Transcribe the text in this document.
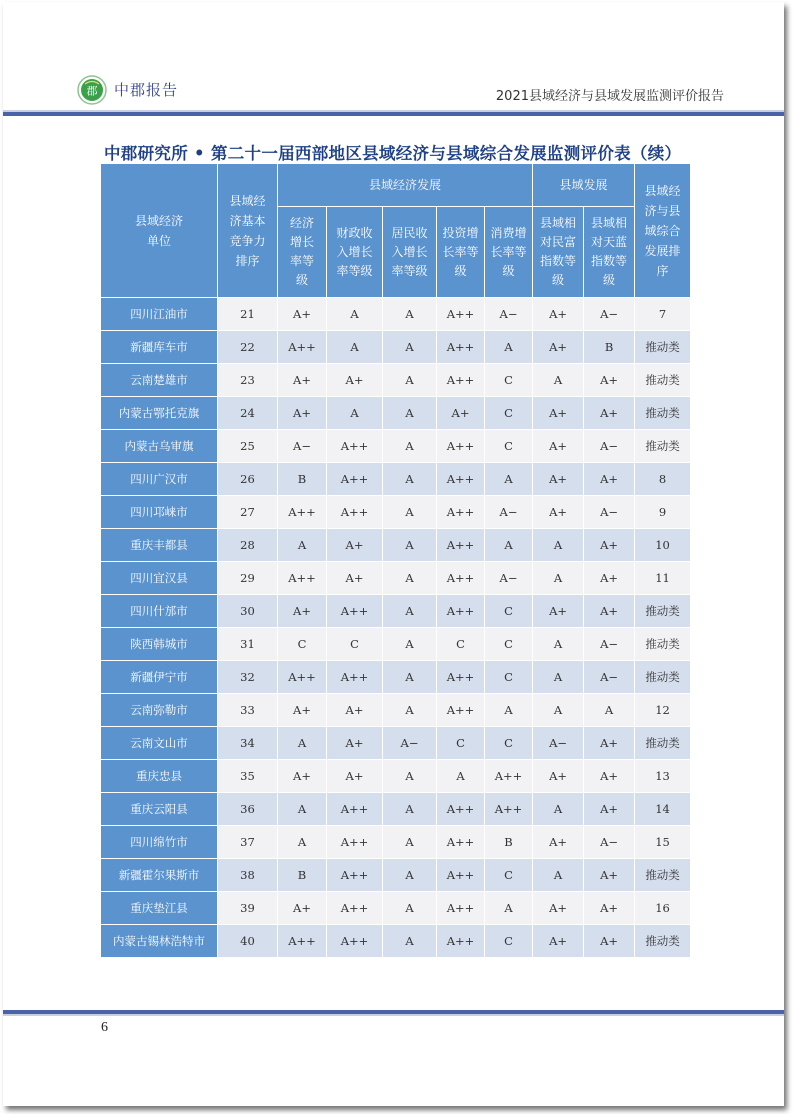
郡 中郡报告	2021县域经济与县域发展监测评价报告
中郡研究所 • 第二十一届西部地区县域经济与县域综合发展监测评价表（续）
县域经济单位	县域经济基本竞争力排序	县域经济发展					县域发展		县域经济与县域综合发展排序
		经济增长率等级	财政收入增长率等级	居民收入增长率等级	投资增长率等级	消费增长率等级	县域相对民富指数等级	县域相对天蓝指数等级	
四川江油市	21	A+	A	A	A++	A−	A+	A−	7
新疆库车市	22	A++	A	A	A++	A	A+	B	推动类
云南楚雄市	23	A+	A+	A	A++	C	A	A+	推动类
内蒙古鄂托克旗	24	A+	A	A	A+	C	A+	A+	推动类
内蒙古乌审旗	25	A−	A++	A	A++	C	A+	A−	推动类
四川广汉市	26	B	A++	A	A++	A	A+	A+	8
四川邛崃市	27	A++	A++	A	A++	A−	A+	A−	9
重庆丰都县	28	A	A+	A	A++	A	A	A+	10
四川宜汉县	29	A++	A+	A	A++	A−	A	A+	11
四川什邡市	30	A+	A++	A	A++	C	A+	A+	推动类
陕西韩城市	31	C	C	A	C	C	A	A−	推动类
新疆伊宁市	32	A++	A++	A	A++	C	A	A−	推动类
云南弥勒市	33	A+	A+	A	A++	A	A	A	12
云南文山市	34	A	A+	A−	C	C	A−	A+	推动类
重庆忠县	35	A+	A+	A	A	A++	A+	A+	13
重庆云阳县	36	A	A++	A	A++	A++	A	A+	14
四川绵竹市	37	A	A++	A	A++	B	A+	A−	15
新疆霍尔果斯市	38	B	A++	A	A++	C	A	A+	推动类
重庆垫江县	39	A+	A++	A	A++	A	A+	A+	16
内蒙古锡林浩特市	40	A++	A++	A	A++	C	A+	A+	推动类
6
